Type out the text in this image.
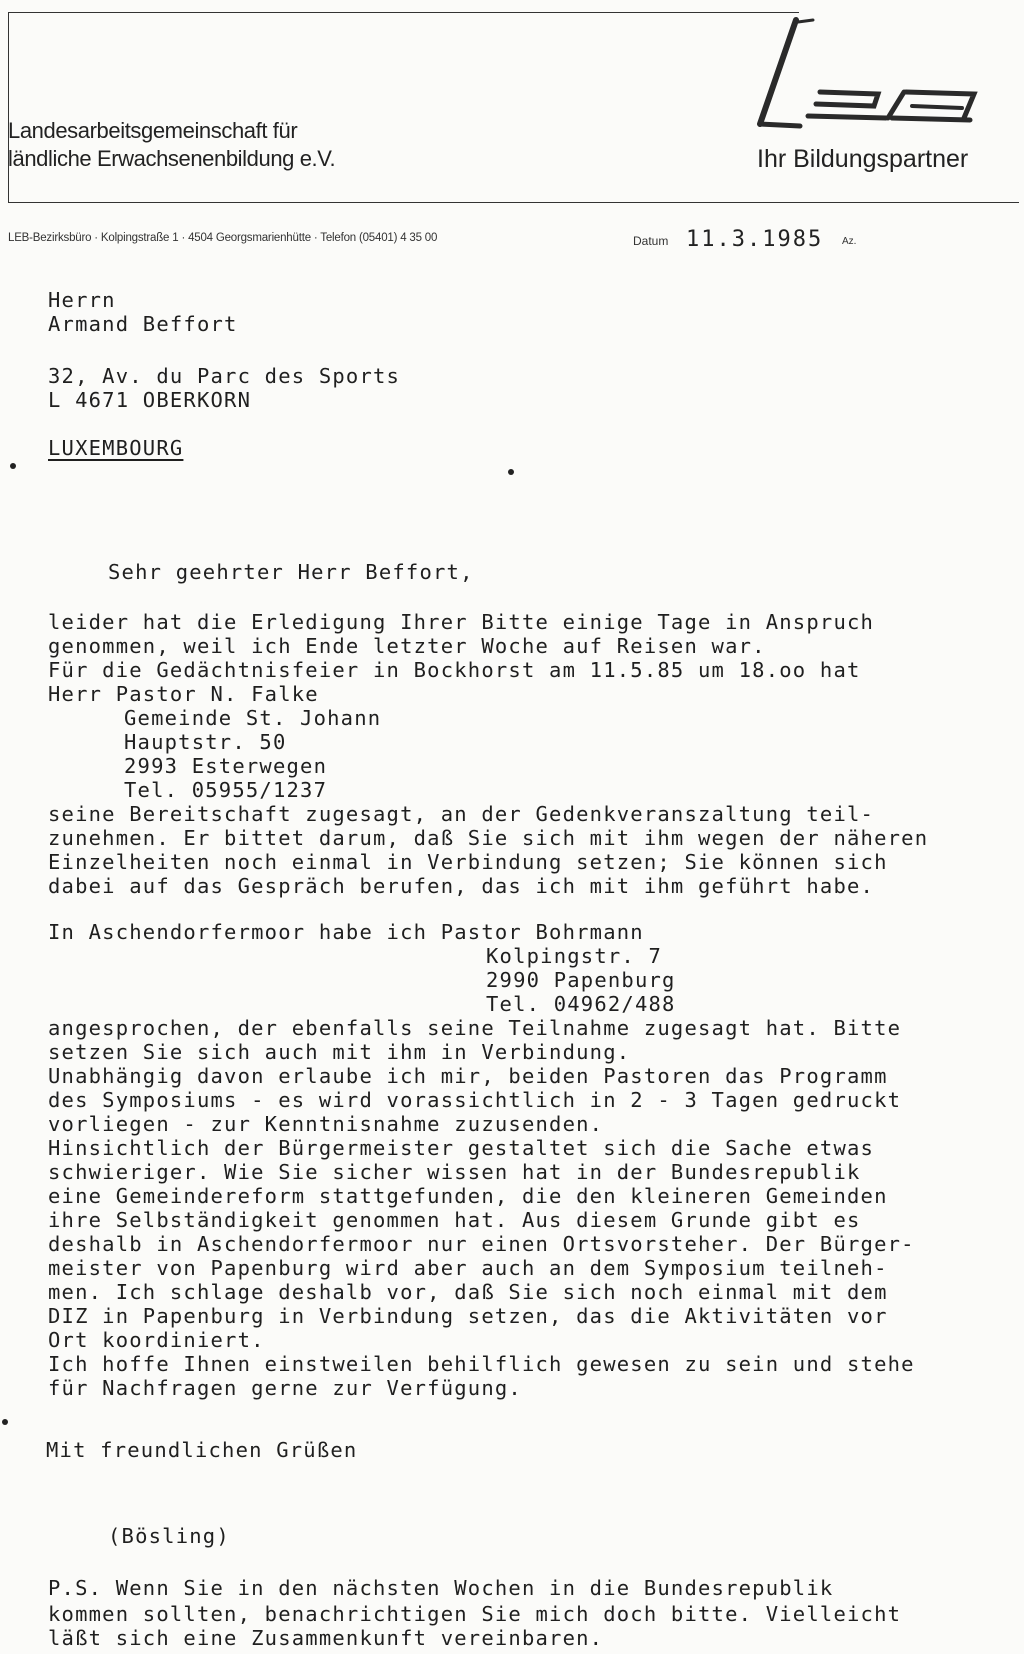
Landesarbeitsgemeinschaft für
ländliche Erwachsenenbildung e.V.	Ihr Bildungspartner
LEB-Bezirksbüro · Kolpingstraße 1 · 4504 Georgsmarienhütte · Telefon (05401) 4 35 00	Datum 11.3.1985 Az.
Herrn
Armand Beffort
32, Av. du Parc des Sports
L 4671 OBERKORN
LUXEMBOURG
Sehr geehrter Herr Beffort,
leider hat die Erledigung Ihrer Bitte einige Tage in Anspruch
genommen, weil ich Ende letzter Woche auf Reisen war.
Für die Gedächtnisfeier in Bockhorst am 11.5.85 um 18.oo hat
Herr Pastor N. Falke
Gemeinde St. Johann
Hauptstr. 50
2993 Esterwegen
Tel. 05955/1237
seine Bereitschaft zugesagt, an der Gedenkveranszaltung teil-
zunehmen. Er bittet darum, daß Sie sich mit ihm wegen der näheren
Einzelheiten noch einmal in Verbindung setzen; Sie können sich
dabei auf das Gespräch berufen, das ich mit ihm geführt habe.
In Aschendorfermoor habe ich Pastor Bohrmann
Kolpingstr. 7
2990 Papenburg
Tel. 04962/488
angesprochen, der ebenfalls seine Teilnahme zugesagt hat. Bitte
setzen Sie sich auch mit ihm in Verbindung.
Unabhängig davon erlaube ich mir, beiden Pastoren das Programm
des Symposiums - es wird vorassichtlich in 2 - 3 Tagen gedruckt
vorliegen - zur Kenntnisnahme zuzusenden.
Hinsichtlich der Bürgermeister gestaltet sich die Sache etwas
schwieriger. Wie Sie sicher wissen hat in der Bundesrepublik
eine Gemeindereform stattgefunden, die den kleineren Gemeinden
ihre Selbständigkeit genommen hat. Aus diesem Grunde gibt es
deshalb in Aschendorfermoor nur einen Ortsvorsteher. Der Bürger-
meister von Papenburg wird aber auch an dem Symposium teilneh-
men. Ich schlage deshalb vor, daß Sie sich noch einmal mit dem
DIZ in Papenburg in Verbindung setzen, das die Aktivitäten vor
Ort koordiniert.
Ich hoffe Ihnen einstweilen behilflich gewesen zu sein und stehe
für Nachfragen gerne zur Verfügung.
Mit freundlichen Grüßen
(Bösling)
P.S. Wenn Sie in den nächsten Wochen in die Bundesrepublik
kommen sollten, benachrichtigen Sie mich doch bitte. Vielleicht
läßt sich eine Zusammenkunft vereinbaren.
